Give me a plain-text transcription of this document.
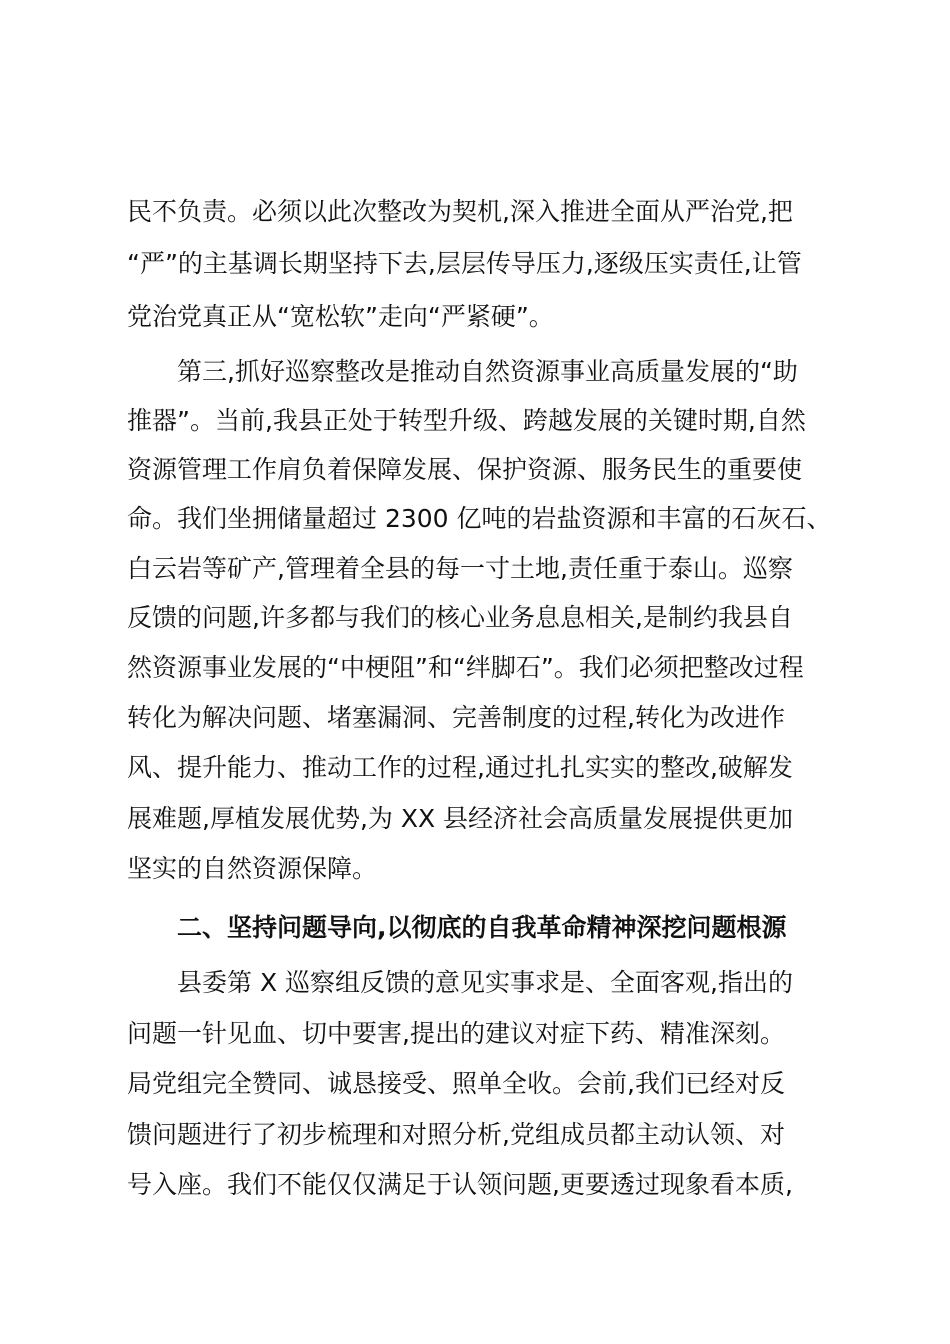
民不负责。必须以此次整改为契机,深入推进全面从严治党,把
“严”的主基调长期坚持下去,层层传导压力,逐级压实责任,让管
党治党真正从“宽松软”走向“严紧硬”。
第三,抓好巡察整改是推动自然资源事业高质量发展的“助
推器”。当前,我县正处于转型升级、跨越发展的关键时期,自然
资源管理工作肩负着保障发展、保护资源、服务民生的重要使
命。我们坐拥储量超过 2300 亿吨的岩盐资源和丰富的石灰石、
白云岩等矿产,管理着全县的每一寸土地,责任重于泰山。巡察
反馈的问题,许多都与我们的核心业务息息相关,是制约我县自
然资源事业发展的“中梗阻”和“绊脚石”。我们必须把整改过程
转化为解决问题、堵塞漏洞、完善制度的过程,转化为改进作
风、提升能力、推动工作的过程,通过扎扎实实的整改,破解发
展难题,厚植发展优势,为 XX 县经济社会高质量发展提供更加
坚实的自然资源保障。
二、坚持问题导向,以彻底的自我革命精神深挖问题根源
县委第 X 巡察组反馈的意见实事求是、全面客观,指出的
问题一针见血、切中要害,提出的建议对症下药、精准深刻。
局党组完全赞同、诚恳接受、照单全收。会前,我们已经对反
馈问题进行了初步梳理和对照分析,党组成员都主动认领、对
号入座。我们不能仅仅满足于认领问题,更要透过现象看本质,
